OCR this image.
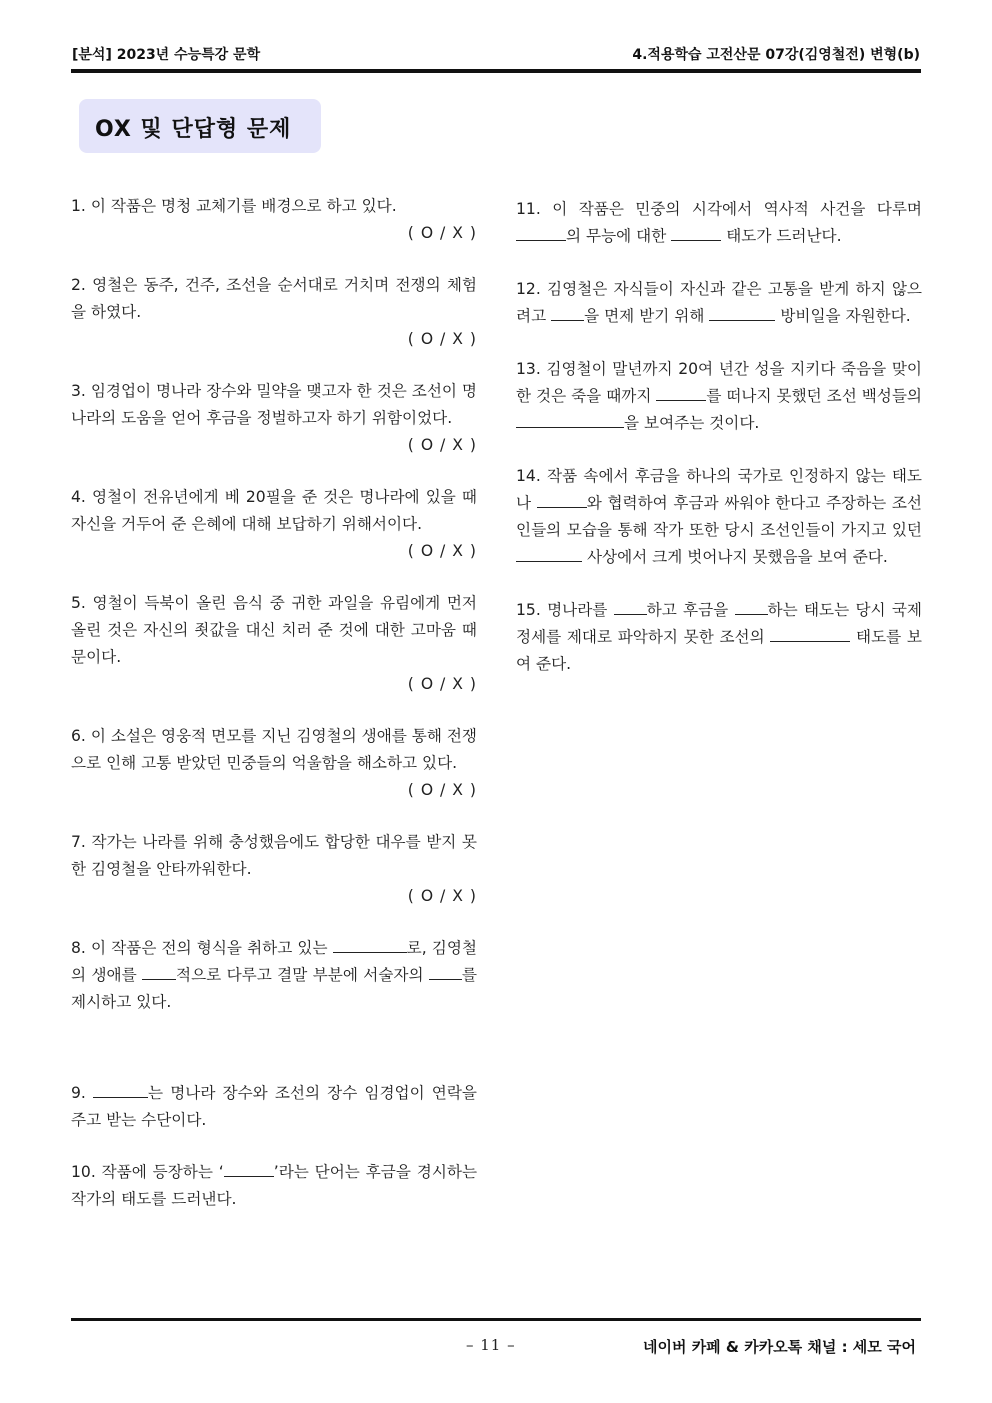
[분석] 2023년 수능특강 문학	4.적용학습 고전산문 07강(김영철전) 변형(b)
OX 및 단답형 문제

1. 이 작품은 명청 교체기를 배경으로 하고 있다.

( O / X )

2. 영철은 동주, 건주, 조선을 순서대로 거치며 전쟁의 체험을 하였다.

( O / X )

3. 임경업이 명나라 장수와 밀약을 맺고자 한 것은 조선이 명나라의 도움을 얻어 후금을 정벌하고자 하기 위함이었다.

( O / X )

4. 영철이 전유년에게 베 20필을 준 것은 명나라에 있을 때 자신을 거두어 준 은혜에 대해 보답하기 위해서이다.

( O / X )

5. 영철이 득북이 올린 음식 중 귀한 과일을 유림에게 먼저 올린 것은 자신의 죗값을 대신 치러 준 것에 대한 고마움 때문이다.

( O / X )

6. 이 소설은 영웅적 면모를 지닌 김영철의 생애를 통해 전쟁으로 인해 고통 받았던 민중들의 억울함을 해소하고 있다.

( O / X )

7. 작가는 나라를 위해 충성했음에도 합당한 대우를 받지 못한 김영철을 안타까워한다.

( O / X )

8. 이 작품은 전의 형식을 취하고 있는	로, 김영철의 생애를 적으로 다루고 결말 부분에 서술자의 를 제시하고 있다.

9.	는 명나라 장수와 조선의 장수 임경업이 연락을 주고 받는 수단이다.

10. 작품에 등장하는 ‘	’라는 단어는 후금을 경시하는 작가의 태도를 드러낸다.

11. 이 작품은 민중의 시각에서 역사적 사건을 다루며 의 무능에 대한	태도가 드러난다.

12. 김영철은 자식들이 자신과 같은 고통을 받게 하지 않으려고 을 면제 받기 위해	방비일을 자원한다.

13. 김영철이 말년까지 20여 년간 성을 지키다 죽음을 맞이한 것은 죽을 때까지	를 떠나지 못했던 조선 백성들의 을 보여주는 것이다.

14. 작품 속에서 후금을 하나의 국가로 인정하지 않는 태도나	와 협력하여 후금과 싸워야 한다고 주장하는 조선인들의 모습을 통해 작가 또한 당시 조선인들이 가지고 있던  사상에서 크게 벗어나지 못했음을 보여 준다.

15. 명나라를 하고 후금을 하는 태도는 당시 국제 정세를 제대로 파악하지 못한 조선의	태도를 보여 준다.

– 11 –	네이버 카페 & 카카오톡 채널 : 세모 국어
